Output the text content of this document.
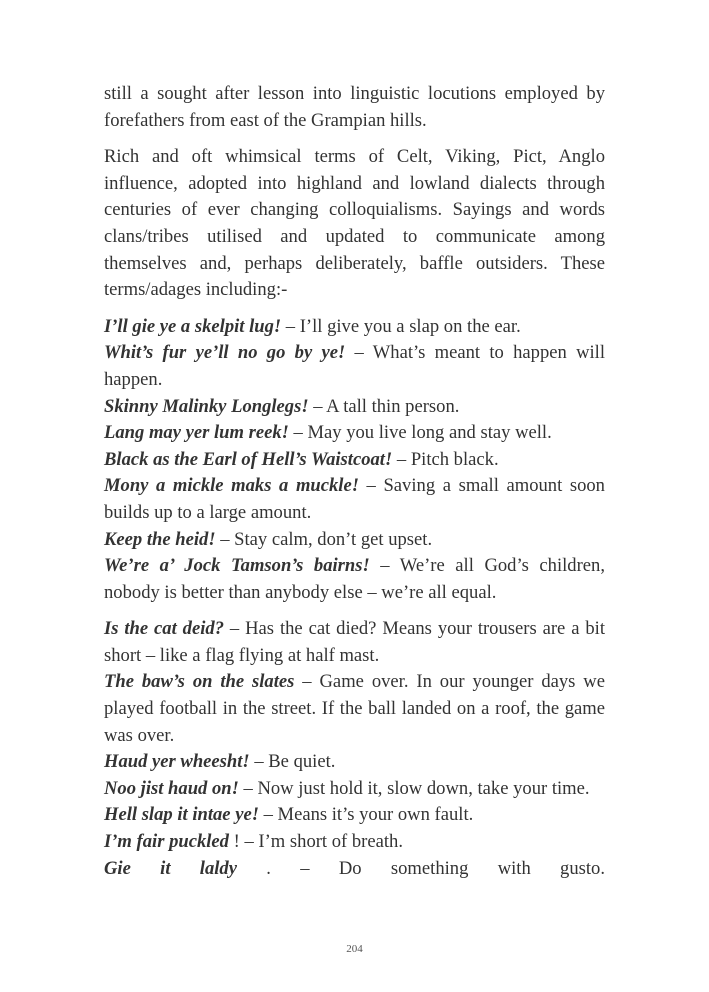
still a sought after lesson into linguistic locutions employed by forefathers from east of the Grampian hills.

Rich and oft whimsical terms of Celt, Viking, Pict, Anglo influence, adopted into highland and lowland dialects through centuries of ever changing colloquialisms. Sayings and words clans/tribes utilised and updated to communicate among themselves and, perhaps deliberately, baffle outsiders. These terms/adages including:-

I’ll gie ye a skelpit lug! – I’ll give you a slap on the ear.

Whit’s fur ye’ll no go by ye! – What’s meant to happen will happen.

Skinny Malinky Longlegs! – A tall thin person.

Lang may yer lum reek! – May you live long and stay well.

Black as the Earl of Hell’s Waistcoat! – Pitch black.

Mony a mickle maks a muckle! – Saving a small amount soon builds up to a large amount.

Keep the heid! – Stay calm, don’t get upset.

We’re a’ Jock Tamson’s bairns! – We’re all God’s children, nobody is better than anybody else – we’re all equal.

Is the cat deid? – Has the cat died? Means your trousers are a bit short – like a flag flying at half mast.

The baw’s on the slates – Game over. In our younger days we played football in the street. If the ball landed on a roof, the game was over.

Haud yer wheesht! – Be quiet.

Noo jist haud on! – Now just hold it, slow down, take your time.

Hell slap it intae ye! – Means it’s your own fault.

I’m fair puckled ! – I’m short of breath.

Gie it laldy . – Do something with gusto.

204
